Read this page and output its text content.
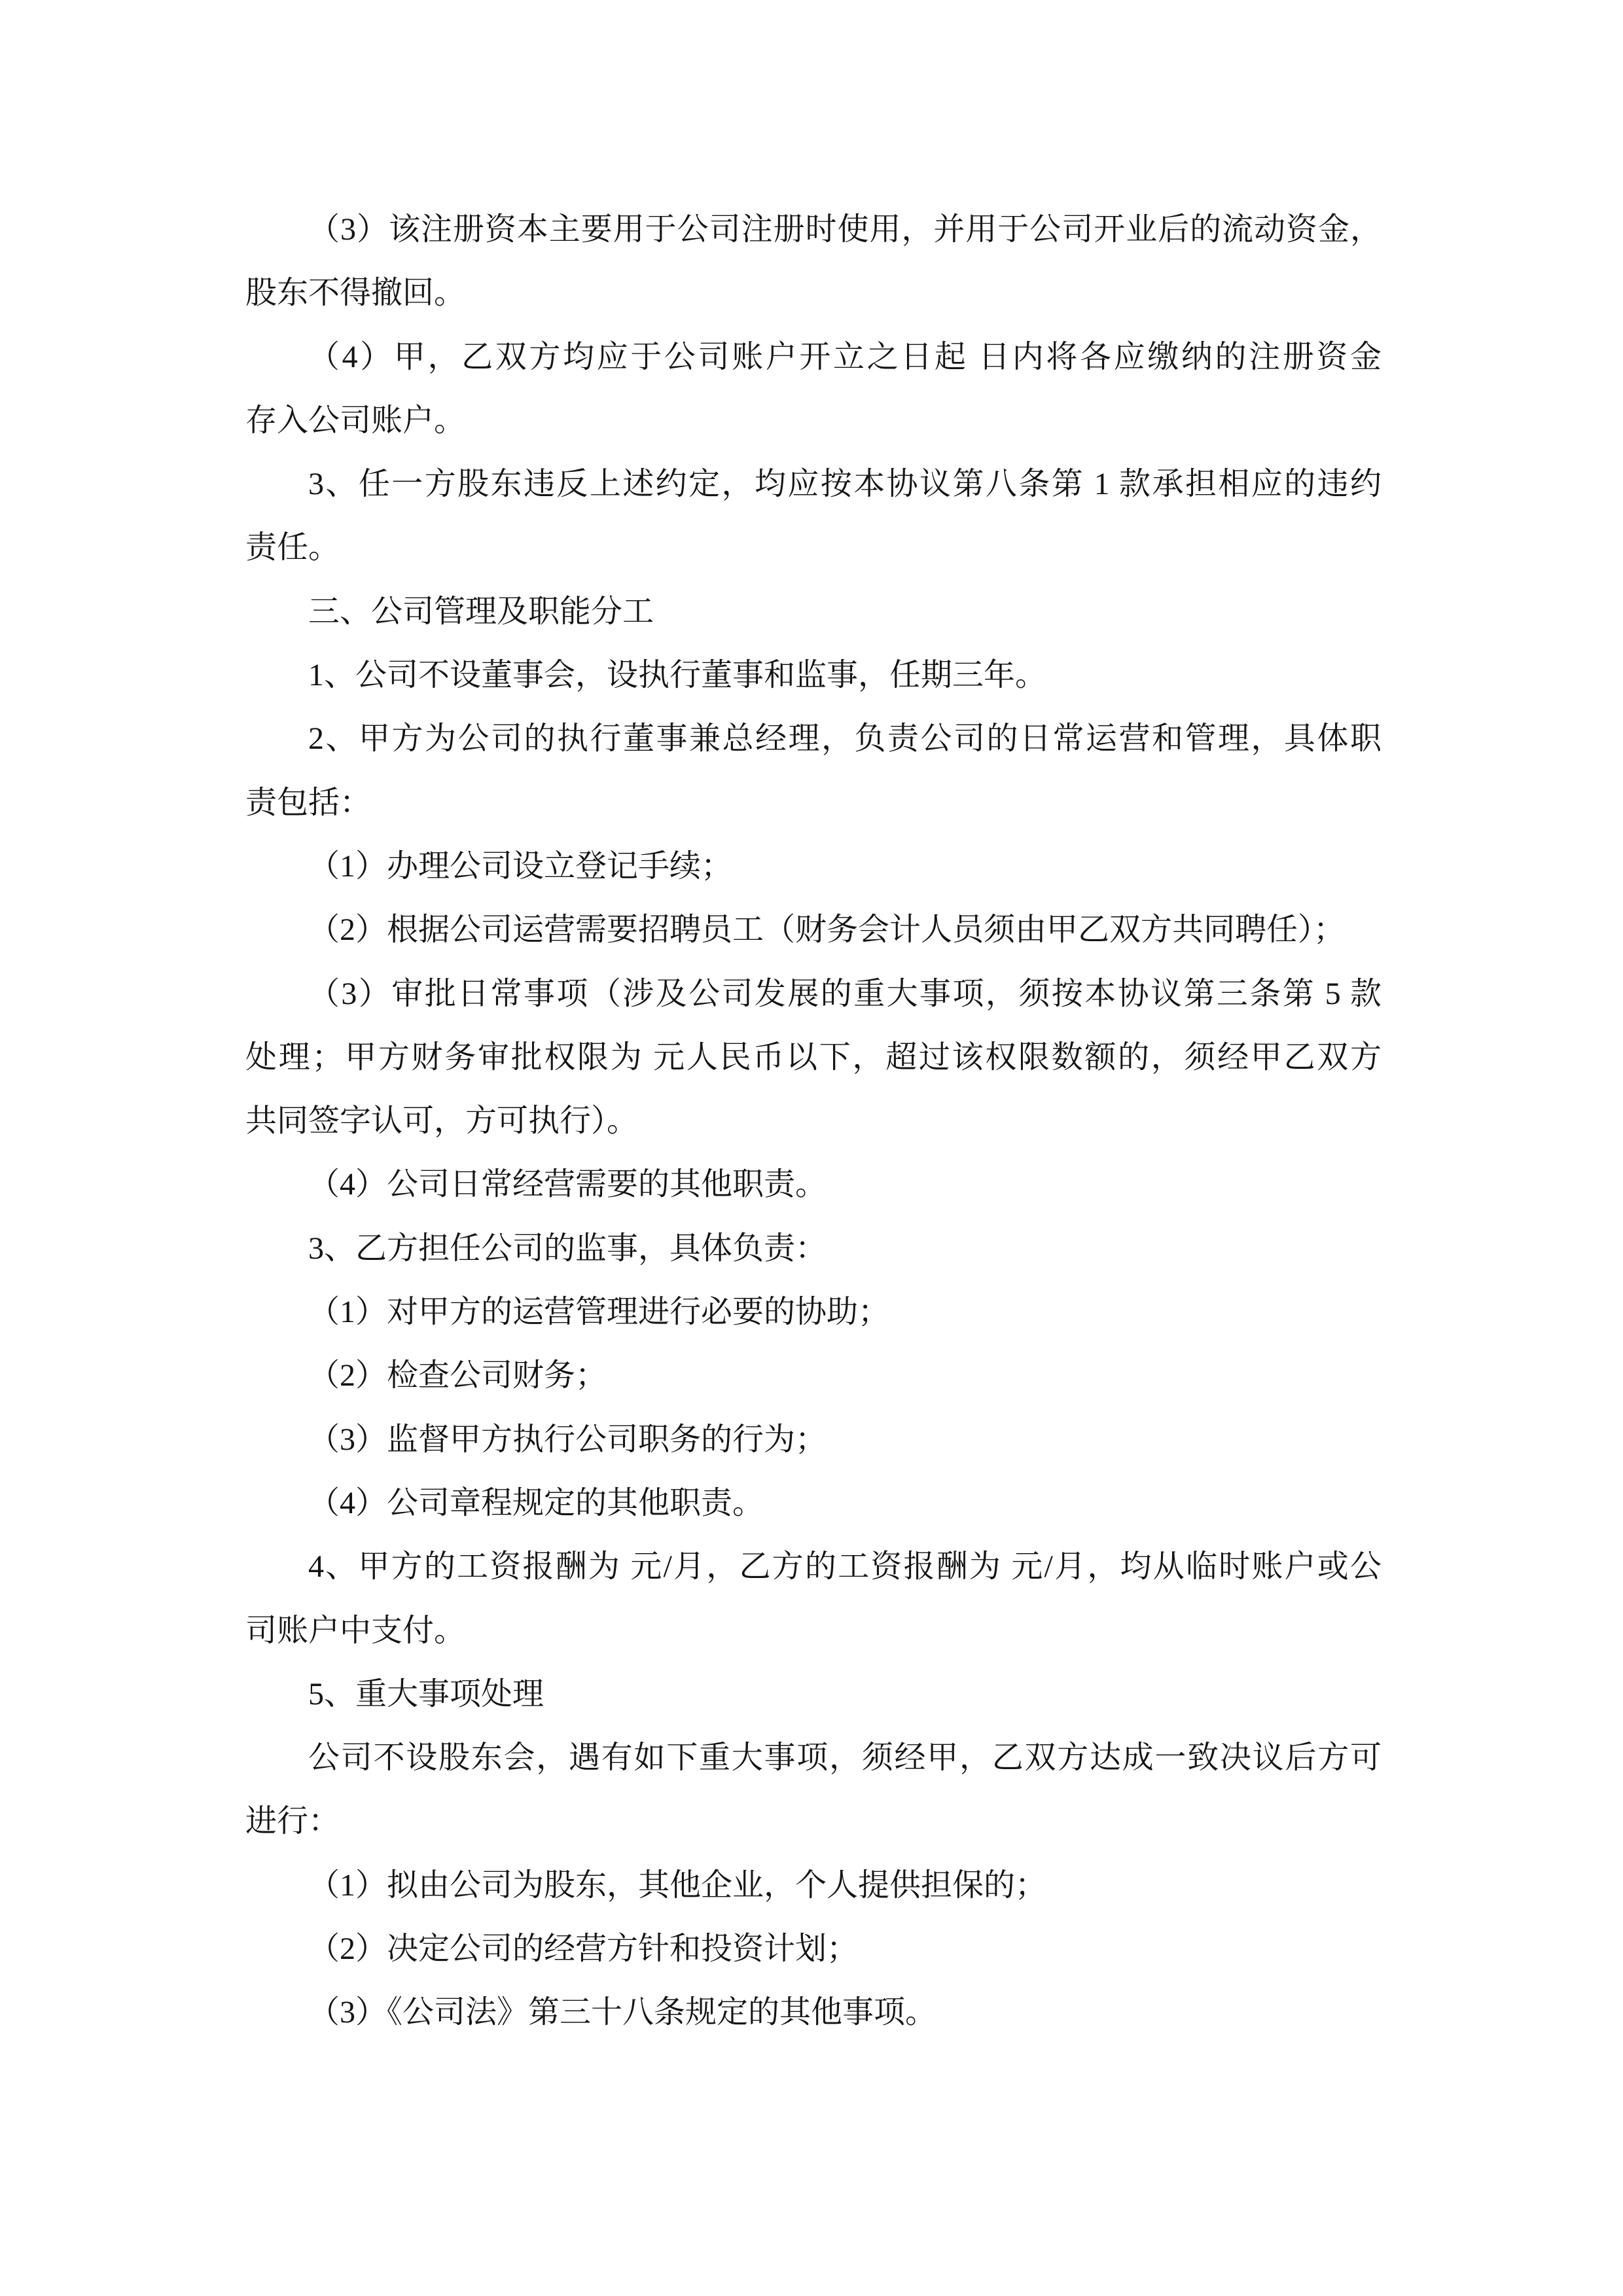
（3）该注册资本主要用于公司注册时使用，并用于公司开业后的流动资金，
股东不得撤回。
（4）甲，乙双方均应于公司账户开立之日起 日内将各应缴纳的注册资金
存入公司账户。
3、任一方股东违反上述约定，均应按本协议第八条第 1 款承担相应的违约
责任。
三、公司管理及职能分工
1、公司不设董事会，设执行董事和监事，任期三年。
2、甲方为公司的执行董事兼总经理，负责公司的日常运营和管理，具体职
责包括：
（1）办理公司设立登记手续；
（2）根据公司运营需要招聘员工（财务会计人员须由甲乙双方共同聘任）；
（3）审批日常事项（涉及公司发展的重大事项，须按本协议第三条第 5 款
处理；甲方财务审批权限为 元人民币以下，超过该权限数额的，须经甲乙双方
共同签字认可，方可执行）。
（4）公司日常经营需要的其他职责。
3、乙方担任公司的监事，具体负责：
（1）对甲方的运营管理进行必要的协助；
（2）检查公司财务；
（3）监督甲方执行公司职务的行为；
（4）公司章程规定的其他职责。
4、甲方的工资报酬为 元/月，乙方的工资报酬为 元/月，均从临时账户或公
司账户中支付。
5、重大事项处理
公司不设股东会，遇有如下重大事项，须经甲，乙双方达成一致决议后方可
进行：
（1）拟由公司为股东，其他企业，个人提供担保的；
（2）决定公司的经营方针和投资计划；
（3）《公司法》第三十八条规定的其他事项。
